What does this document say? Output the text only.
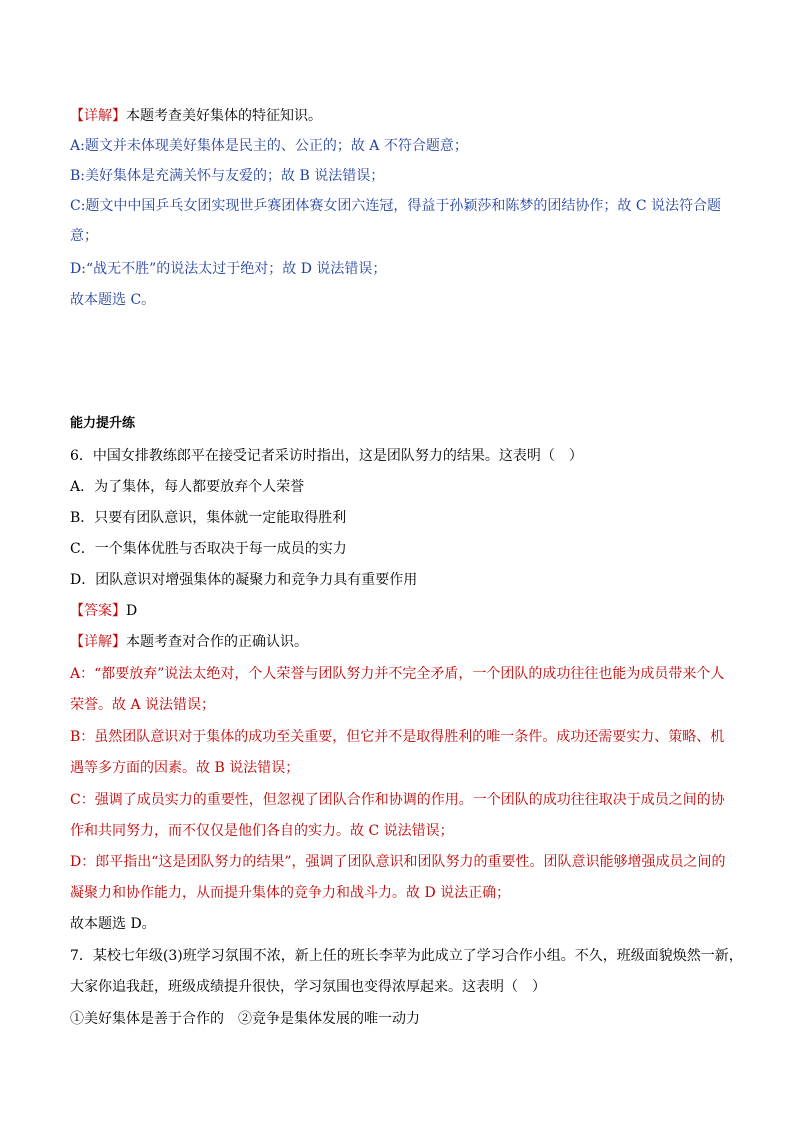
【详解】本题考查美好集体的特征知识。
A:题文并未体现美好集体是民主的、公正的；故 A 不符合题意；
B:美好集体是充满关怀与友爱的；故 B 说法错误；
C:题文中中国乒乓女团实现世乒赛团体赛女团六连冠，得益于孙颖莎和陈梦的团结协作；故 C 说法符合题
意；
D:“战无不胜”的说法太过于绝对；故 D 说法错误；
故本题选 C。
能力提升练
6．中国女排教练郎平在接受记者采访时指出，这是团队努力的结果。这表明（　）
A．为了集体，每人都要放弃个人荣誉
B．只要有团队意识，集体就一定能取得胜利
C．一个集体优胜与否取决于每一成员的实力
D．团队意识对增强集体的凝聚力和竞争力具有重要作用
【答案】D
【详解】本题考查对合作的正确认识。
A：“都要放弃”说法太绝对，个人荣誉与团队努力并不完全矛盾，一个团队的成功往往也能为成员带来个人
荣誉。故 A 说法错误；
B：虽然团队意识对于集体的成功至关重要，但它并不是取得胜利的唯一条件。成功还需要实力、策略、机
遇等多方面的因素。故 B 说法错误；
C：强调了成员实力的重要性，但忽视了团队合作和协调的作用。一个团队的成功往往取决于成员之间的协
作和共同努力，而不仅仅是他们各自的实力。故 C 说法错误；
D：郎平指出“这是团队努力的结果”，强调了团队意识和团队努力的重要性。团队意识能够增强成员之间的
凝聚力和协作能力，从而提升集体的竞争力和战斗力。故 D 说法正确；
故本题选 D。
7．某校七年级(3)班学习氛围不浓，新上任的班长李苹为此成立了学习合作小组。不久，班级面貌焕然一新，
大家你追我赶，班级成绩提升很快，学习氛围也变得浓厚起来。这表明（　）
①美好集体是善于合作的　②竞争是集体发展的唯一动力
